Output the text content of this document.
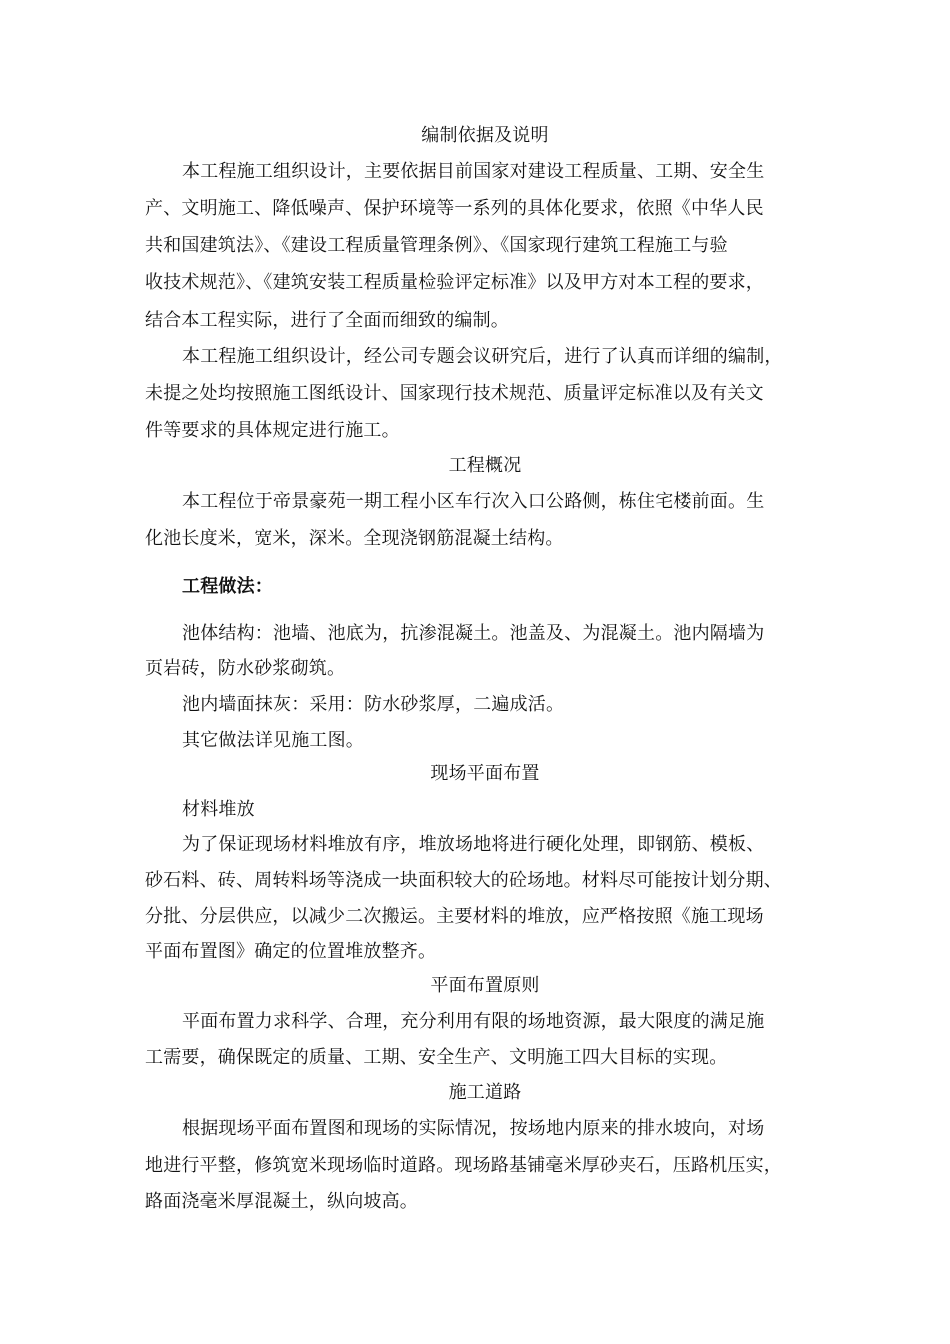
编制依据及说明
本工程施工组织设计，主要依据目前国家对建设工程质量、工期、安全生
产、文明施工、降低噪声、保护环境等一系列的具体化要求，依照《中华人民
共和国建筑法》、《建设工程质量管理条例》、《国家现行建筑工程施工与验
收技术规范》、《建筑安装工程质量检验评定标准》以及甲方对本工程的要求，
结合本工程实际，进行了全面而细致的编制。
本工程施工组织设计，经公司专题会议研究后，进行了认真而详细的编制，
未提之处均按照施工图纸设计、国家现行技术规范、质量评定标准以及有关文
件等要求的具体规定进行施工。
工程概况
本工程位于帝景豪苑一期工程小区车行次入口公路侧，栋住宅楼前面。生
化池长度米，宽米，深米。全现浇钢筋混凝土结构。
工程做法：
池体结构：池墙、池底为，抗渗混凝土。池盖及、为混凝土。池内隔墙为
页岩砖，防水砂浆砌筑。
池内墙面抹灰：采用：防水砂浆厚，二遍成活。
其它做法详见施工图。
现场平面布置
材料堆放
为了保证现场材料堆放有序，堆放场地将进行硬化处理，即钢筋、模板、
砂石料、砖、周转料场等浇成一块面积较大的砼场地。材料尽可能按计划分期、
分批、分层供应，以减少二次搬运。主要材料的堆放，应严格按照《施工现场
平面布置图》确定的位置堆放整齐。
平面布置原则
平面布置力求科学、合理，充分利用有限的场地资源，最大限度的满足施
工需要，确保既定的质量、工期、安全生产、文明施工四大目标的实现。
施工道路
根据现场平面布置图和现场的实际情况，按场地内原来的排水坡向，对场
地进行平整，修筑宽米现场临时道路。现场路基铺毫米厚砂夹石，压路机压实，
路面浇毫米厚混凝土，纵向坡高。
